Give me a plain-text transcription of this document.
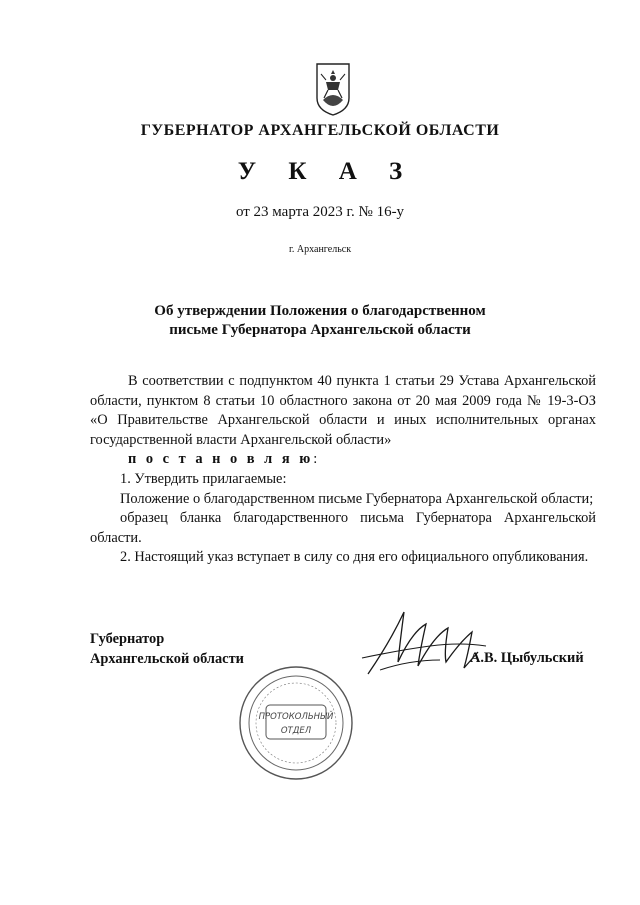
ГУБЕРНАТОР АРХАНГЕЛЬСКОЙ ОБЛАСТИ
У К А З
от 23 марта 2023 г. № 16-у
г. Архангельск
Об утверждении Положения о благодарственном
письме Губернатора Архангельской области
В соответствии с подпунктом 40 пункта 1 статьи 29 Устава Архангельской области, пунктом 8 статьи 10 областного закона от 20 мая 2009 года № 19-3-ОЗ «О Правительстве Архангельской области и иных исполнительных органах государственной власти Архангельской области»
п о с т а н о в л я ю:
1. Утвердить прилагаемые:
Положение о благодарственном письме Губернатора Архангельской области;
образец бланка благодарственного письма Губернатора Архангельской области.
2. Настоящий указ вступает в силу со дня его официального опубликования.
Губернатор
Архангельской области	А.В. Цыбульский
ПРОТОКОЛЬНЫЙ
ОТДЕЛ
